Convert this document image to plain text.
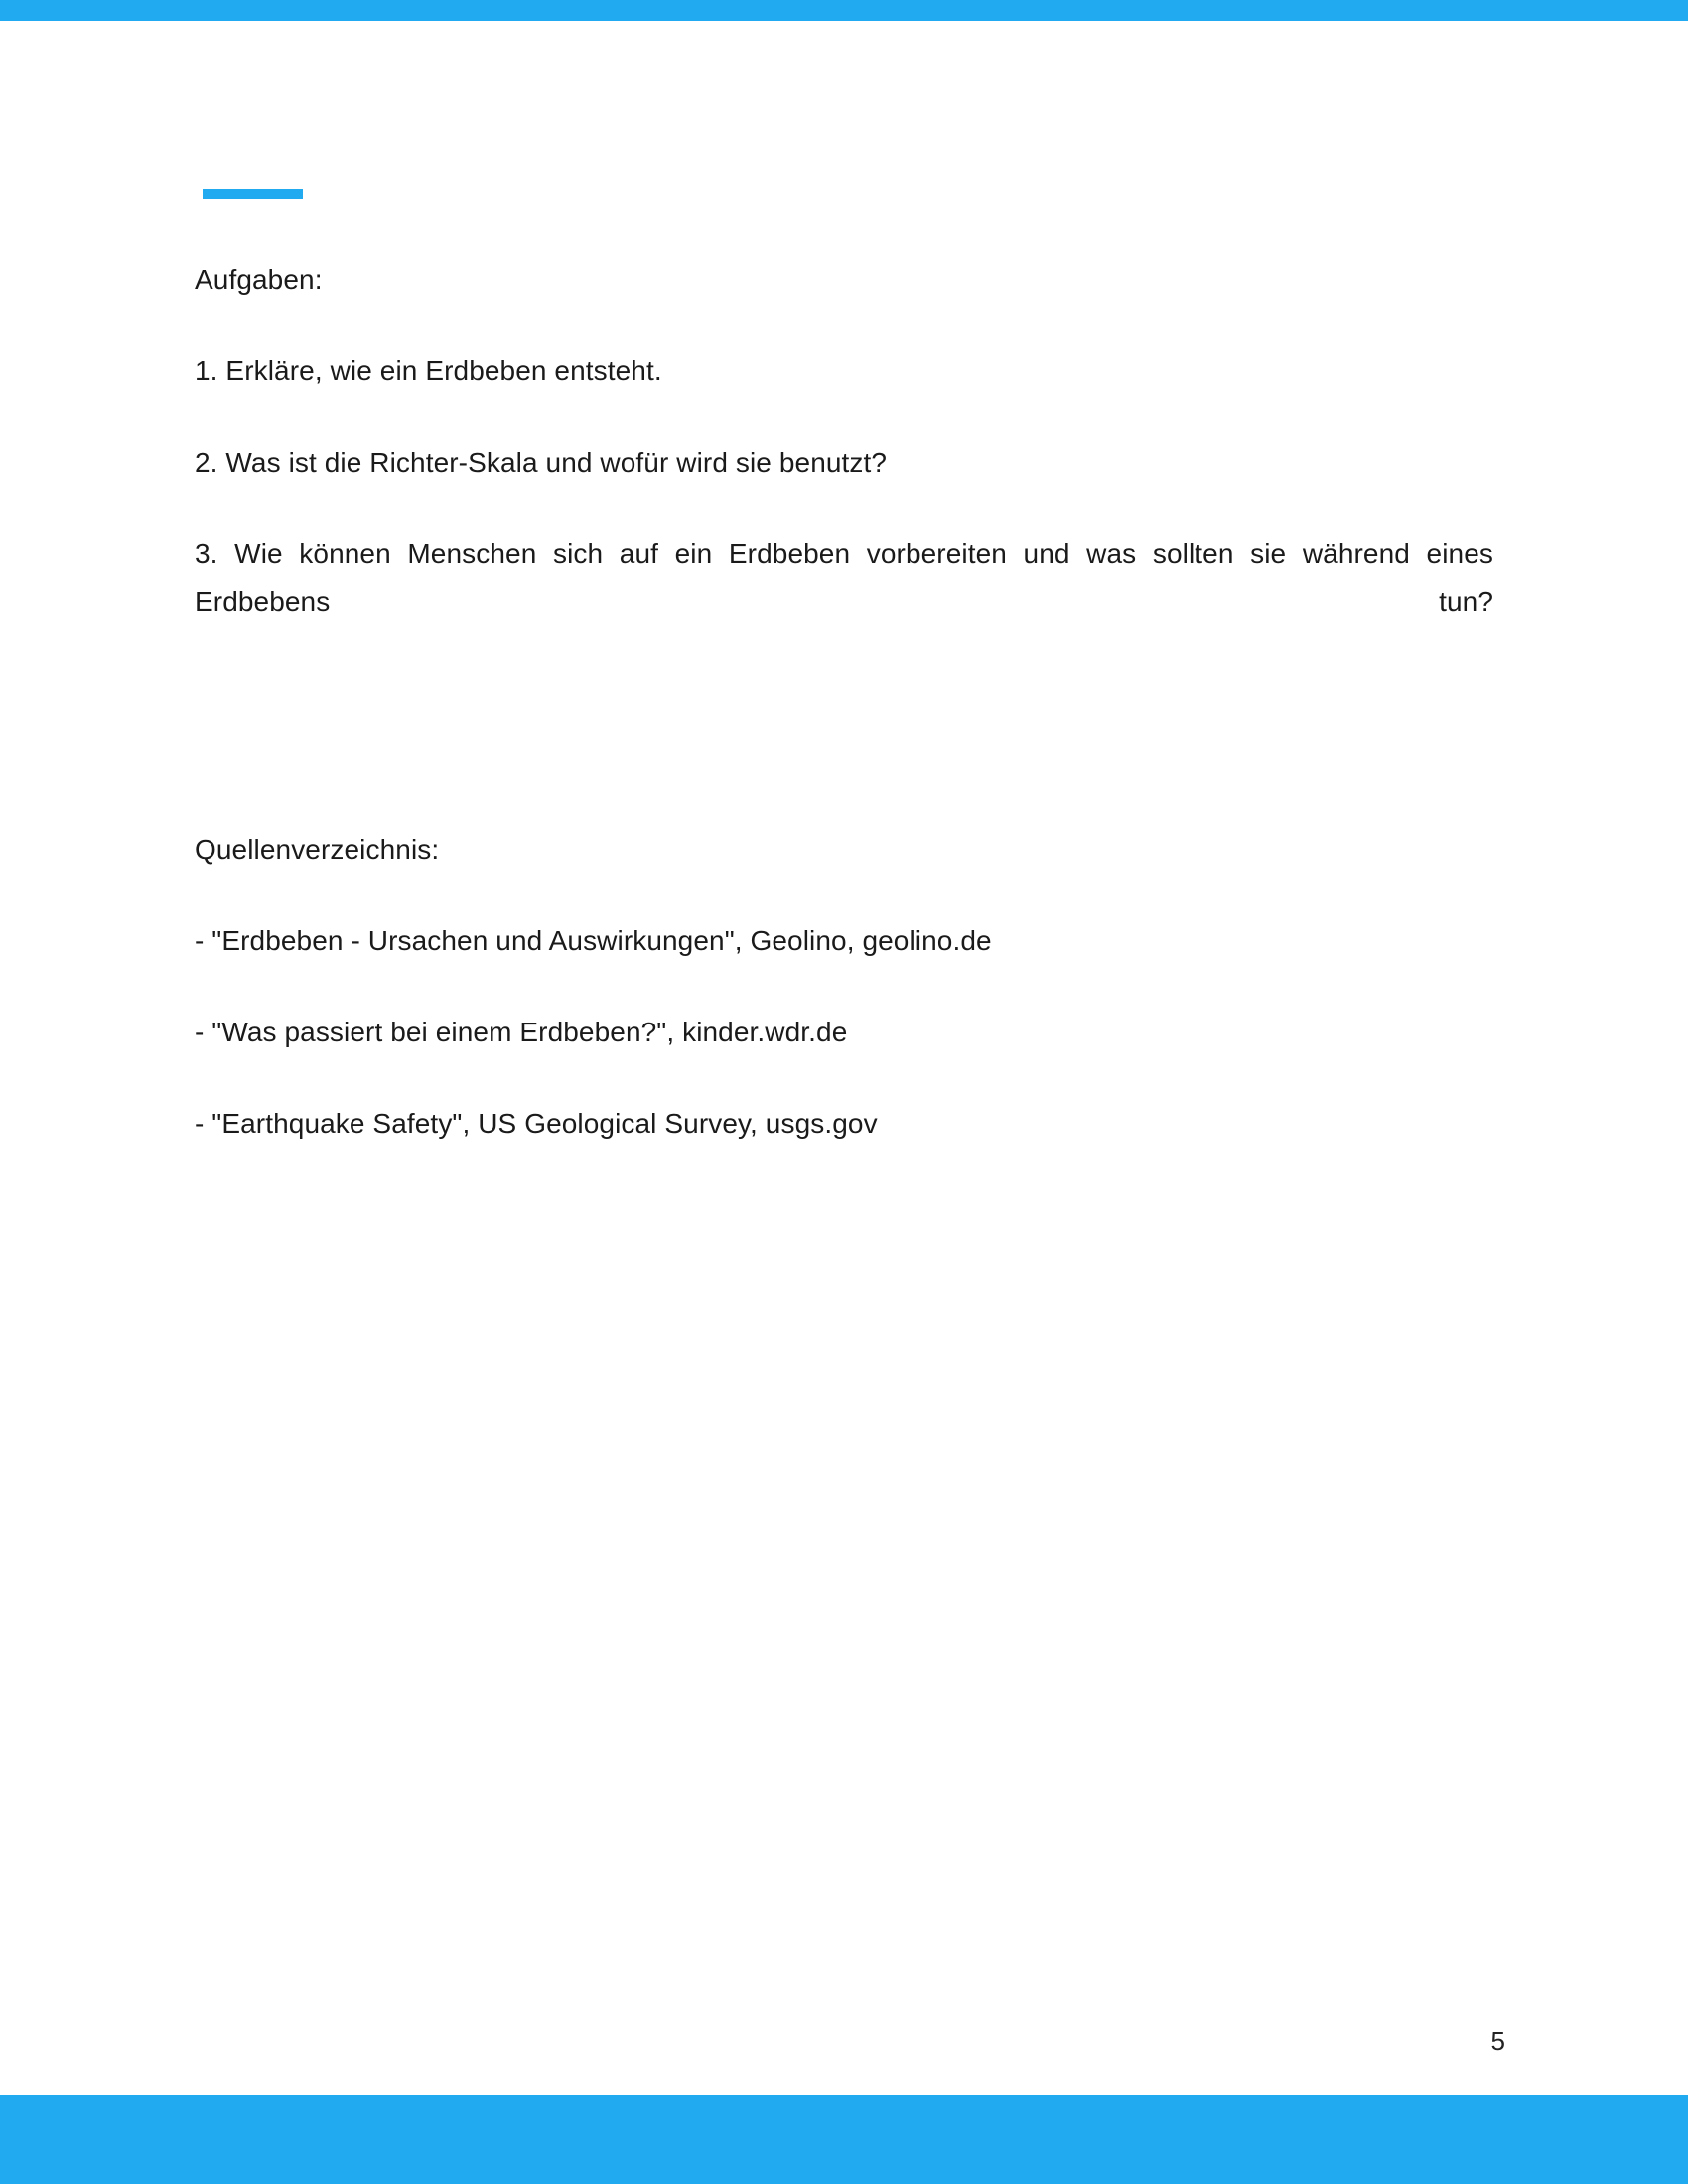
Aufgaben:

1. Erkläre, wie ein Erdbeben entsteht.

2. Was ist die Richter-Skala und wofür wird sie benutzt?

3. Wie können Menschen sich auf ein Erdbeben vorbereiten und was sollten sie während eines Erdbebens tun?

Quellenverzeichnis:

- "Erdbeben - Ursachen und Auswirkungen", Geolino, geolino.de

- "Was passiert bei einem Erdbeben?", kinder.wdr.de

- "Earthquake Safety", US Geological Survey, usgs.gov

5
